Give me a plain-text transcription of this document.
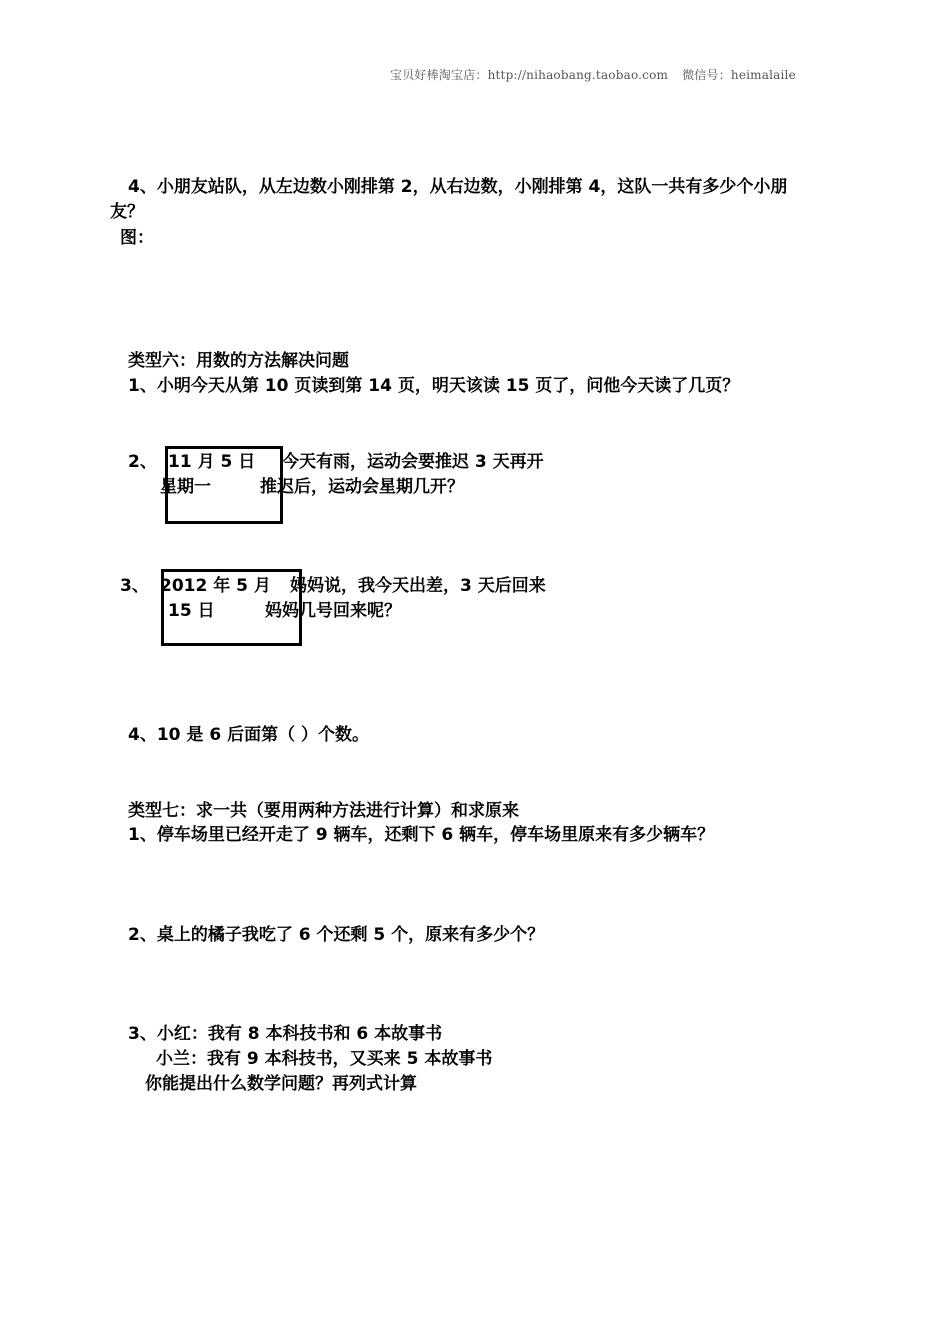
宝贝好棒淘宝店：http://nihaobang.taobao.com 微信号：heimalaile
4、小朋友站队，从左边数小刚排第 2，从右边数，小刚排第 4，这队一共有多少个小朋
友？
图：
类型六：用数的方法解决问题
1、小明今天从第 10 页读到第 14 页，明天该读 15 页了，问他今天读了几页？
2、 11 月 5 日
星期一
今天有雨，运动会要推迟 3 天再开
推迟后，运动会星期几开？
3、 2012 年 5 月
15 日
妈妈说，我今天出差，3 天后回来
妈妈几号回来呢？
4、10 是 6 后面第（ ）个数。
类型七：求一共（要用两种方法进行计算）和求原来
1、停车场里已经开走了 9 辆车，还剩下 6 辆车，停车场里原来有多少辆车？
2、桌上的橘子我吃了 6 个还剩 5 个，原来有多少个？
3、小红：我有 8 本科技书和 6 本故事书
小兰：我有 9 本科技书，又买来 5 本故事书
你能提出什么数学问题？再列式计算
